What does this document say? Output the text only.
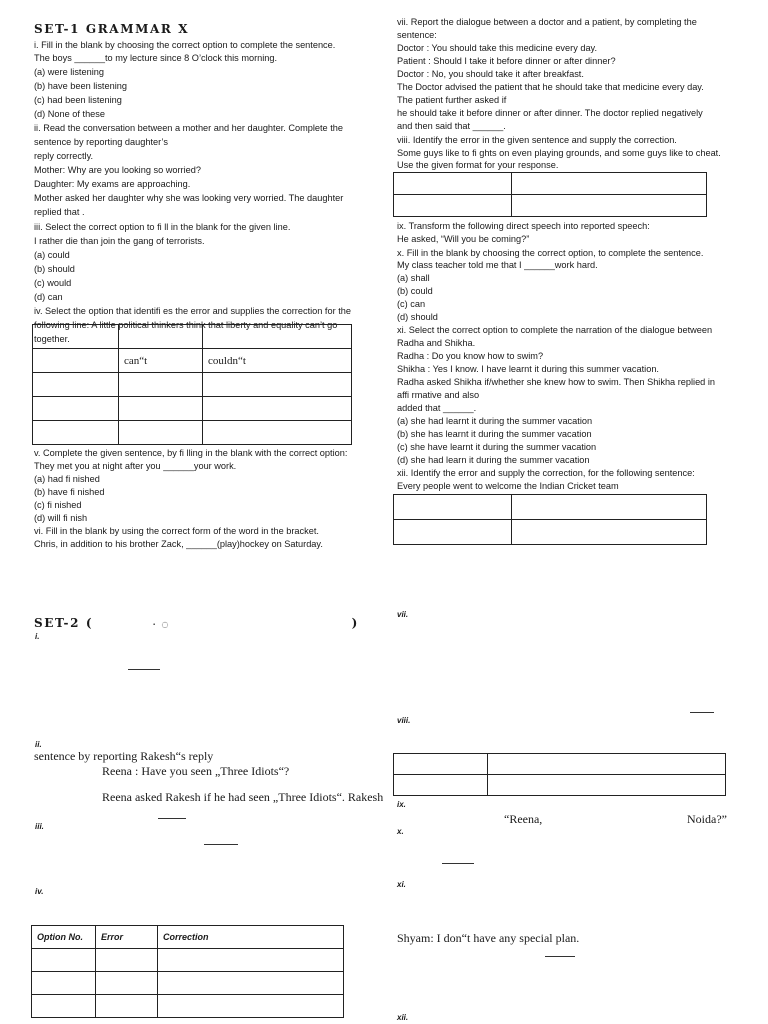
SET-1 GRAMMAR X
i. Fill in the blank by choosing the correct option to complete the sentence.
The boys ______to my lecture since 8 O’clock this morning.
(a) were listening
(b) have been listening
(c) had been listening
(d) None of these
ii. Read the conversation between a mother and her daughter. Complete the
sentence by reporting daughter’s
reply correctly.
Mother: Why are you looking so worried?
Daughter: My exams are approaching.
Mother asked her daughter why she was looking very worried. The daughter
replied that .
iii. Select the correct option to fi ll in the blank for the given line.
I rather die than join the gang of terrorists.
(a) could
(b) should
(c) would
(d) can
iv. Select the option that identifi es the error and supplies the correction for the
following line: A little political thinkers think that liberty and equality can’t go
together.

	can“t	couldn“t

v. Complete the given sentence, by fi lling in the blank with the correct option:
They met you at night after you ______your work.
(a) had fi nished
(b) have fi nished
(c) fi nished
(d) will fi nish
vi. Fill in the blank by using the correct form of the word in the bracket.
Chris, in addition to his brother Zack, ______(play)hockey on Saturday.
vii. Report the dialogue between a doctor and a patient, by completing the
sentence:
Doctor : You should take this medicine every day.
Patient : Should I take it before dinner or after dinner?
Doctor : No, you should take it after breakfast.
The Doctor advised the patient that he should take that medicine every day.
The patient further asked if
he should take it before dinner or after dinner. The doctor replied negatively
and then said that ______.
viii. Identify the error in the given sentence and supply the correction.
Some guys like to fi ghts on even playing grounds, and some guys like to cheat.
Use the given format for your response.

ix. Transform the following direct speech into reported speech:
He asked, “Will you be coming?”
x. Fill in the blank by choosing the correct option, to complete the sentence.
My class teacher told me that I ______work hard.
(a) shall
(b) could
(c) can
(d) should
xi. Select the correct option to complete the narration of the dialogue between
Radha and Shikha.
Radha : Do you know how to swim?
Shikha : Yes I know. I have learnt it during this summer vacation.
Radha asked Shikha if/whether she knew how to swim. Then Shikha replied in
affi rmative and also
added that ______.
(a) she had learnt it during the summer vacation
(b) she has learnt it during the summer vacation
(c) she have learnt it during the summer vacation
(d) she had learn it during the summer vacation
xii. Identify the error and supply the correction, for the following sentence:
Every people went to welcome the Indian Cricket team

SET-2 (	· ◌	)
i.
ii.
sentence by reporting Rakesh“s reply
Reena : Have you seen „Three Idiots“?
Reena asked Rakesh if he had seen „Three Idiots“. Rakesh
iii.
iv.
Option No.	Error	Correction

vii.
viii.

ix.
“Reena,	Noida?”
x.
xi.
Shyam: I don“t have any special plan.
xii.
